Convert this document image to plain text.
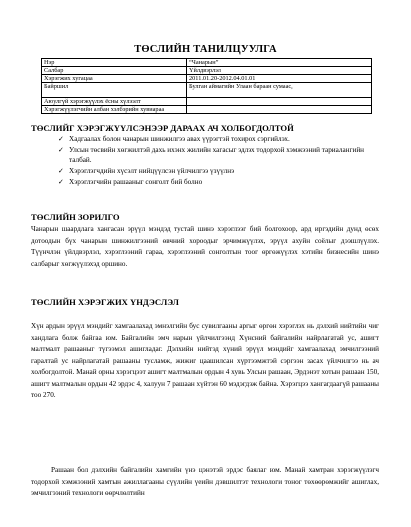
ТӨСЛИЙН ТАНИЛЦУУЛГА
Нэр	“Чанарын”
Салбар	Үйлдвэрлэл
Хэрэгжих хугацаа	2011.01.20-2012.04.01.01
Байршил	Булган аймагийн Улаан бараан сумаас,

Аюулгүй хэрэгжүүлэх ёсны хүлээлт	
Хэрэгжүүлэгчийн албан хэлбэрийн хувиараа	
ТӨСЛИЙГ ХЭРЭГЖҮҮЛСЭНЭЭР ДАРААХ АЧ ХОЛБОГДОЛТОЙ
✓ Хадгаалах болон чанарын шинжилгээ авах үүрэгтэй тохирох сэргийлэх.
✓ Улсын төсвийн хөгжилтэй дахь ихэнх жилийн хагасыг эдлэх тодорхой хэмжээний тариалангийн талбай.
✓ Хэрэглэгчдийн хүсэлт нийцүүлсэн үйлчилгээ үзүүлнэ
✓ Хэрэглэгчийн рашааныг сонголт бий болно
ТӨСЛИЙН ЗОРИЛГО
Чанарын шаардлага хангасан эрүүл мэндэд тустай шинэ хэрэглээг бий болгохоор, ард иргэдийн дунд өсөх дотоодын бүх чанарын шинжилгээний өвчний хороодыг эрчимжүүлэх, эрүүл ахуйн соёлыг дээшлүүлэх. Түүнчлэн үйлдвэрлэл, хэрэглээний гараа, хэрэглээний сонголтын тоог өргөжүүлэх хэтийн бизнесийн шинэ салбарыг хөгжүүлэхэд оршино.
ТӨСЛИЙН ХЭРЭГЖИХ ҮНДЭСЛЭЛ
Хүн ардын эрүүл мэндийг хамгаалахад эмнэлгийн бус сувилгааны аргыг өргөн хэрэглэх нь дэлхий нийтийн чиг хандлага болж байгаа юм. Байгалийн эмч нарын үйлчилгээнд Хүнсний байгалийн найрлагатай ус, ашигт малтмалт рашааныг түгээмэл ашигладаг. Дэлхийн нийтэд хүний эрүүл мэндийг хамгаалахад эмчилгээний гаралтай ус найрлагатай рашааны тусламж, жижиг цаашилсан хүртээмжтэй сэргээн засах үйлчилгээ нь ач холбогдолтой. Манай орны хэрэгцээт ашигт малтмалын ордын 4 хувь Улсын рашаан, Эрдэнэт хотын рашаан 150, ашигт малтмалын ордын 42 эрдэс 4, халуун 7 рашаан хүйтэн 60 мэдэгдэж байна. Хэрэгцээ хангагдаагүй рашааны тоо 270.
Рашаан бол дэлхийн байгалийн хамгийн үнэ цэнэтэй эрдэс баялаг юм. Манай хамтран хэрэгжүүлэгч тодорхой хэмжээний хамтын ажиллагааны сүүлийн үеийн дэвшилтэт технологи тоног төхөөрөмжийг ашиглах, эмчилгээний технологи өөрчлөлтийн
